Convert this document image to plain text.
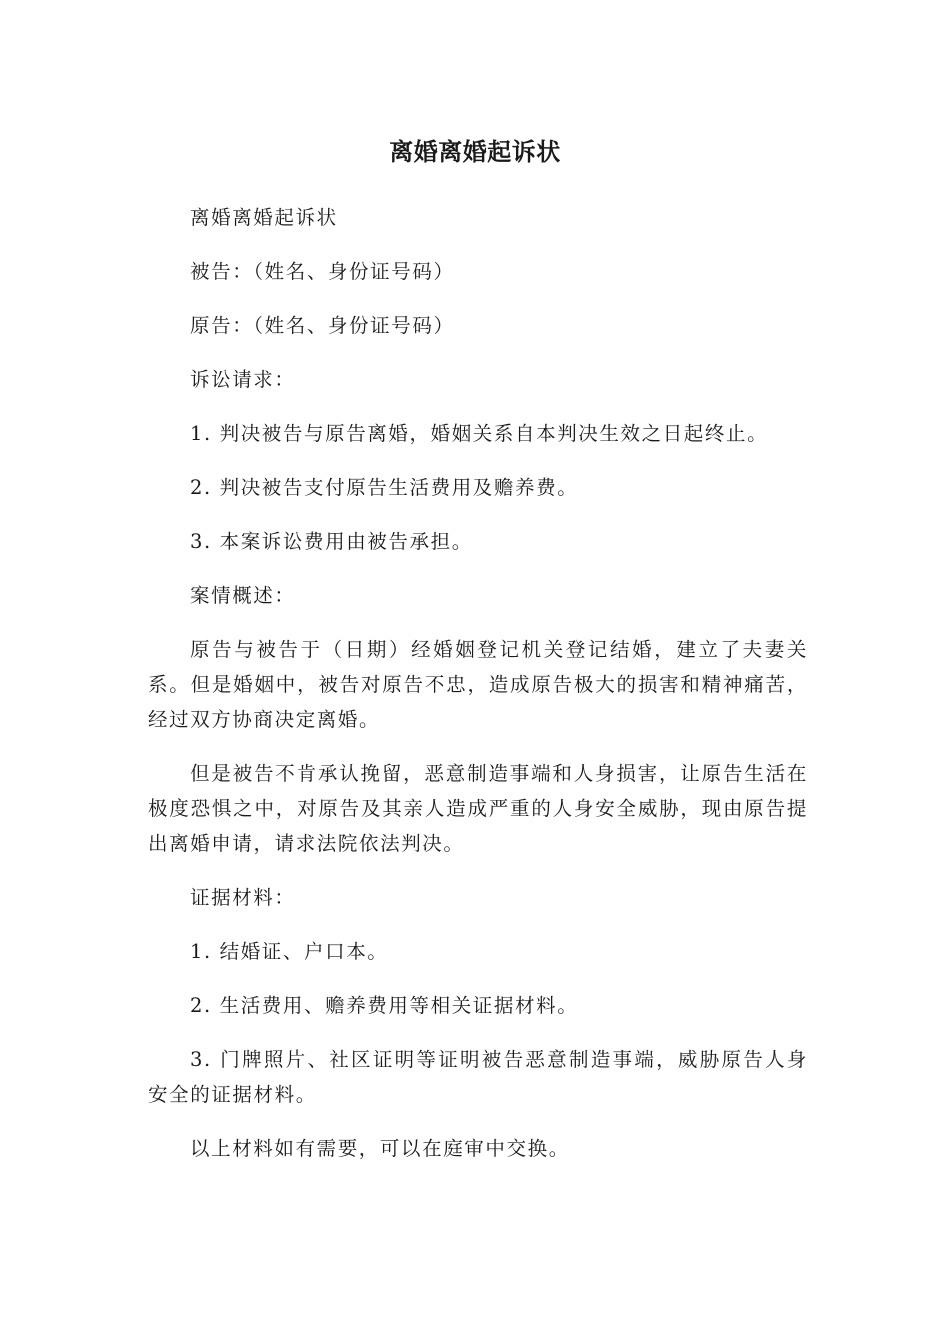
离婚离婚起诉状

离婚离婚起诉状

被告：（姓名、身份证号码）

原告：（姓名、身份证号码）

诉讼请求：

1. 判决被告与原告离婚，婚姻关系自本判决生效之日起终止。

2. 判决被告支付原告生活费用及赡养费。

3. 本案诉讼费用由被告承担。

案情概述：

原告与被告于（日期）经婚姻登记机关登记结婚，建立了夫妻关系。但是婚姻中，被告对原告不忠，造成原告极大的损害和精神痛苦，经过双方协商决定离婚。

但是被告不肯承认挽留，恶意制造事端和人身损害，让原告生活在极度恐惧之中，对原告及其亲人造成严重的人身安全威胁，现由原告提出离婚申请，请求法院依法判决。

证据材料：

1. 结婚证、户口本。

2. 生活费用、赡养费用等相关证据材料。

3. 门牌照片、社区证明等证明被告恶意制造事端，威胁原告人身安全的证据材料。

以上材料如有需要，可以在庭审中交换。
